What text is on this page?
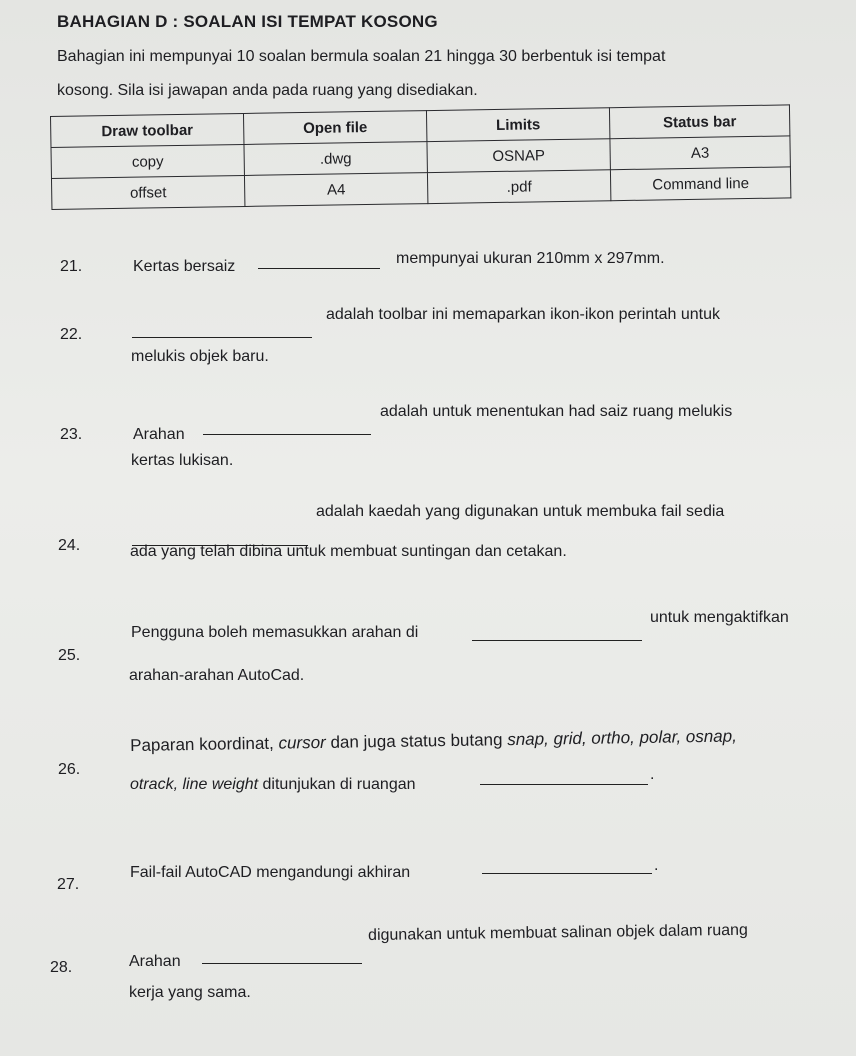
BAHAGIAN D : SOALAN ISI TEMPAT KOSONG
Bahagian ini mempunyai 10 soalan bermula soalan 21 hingga 30 berbentuk isi tempat
kosong. Sila isi jawapan anda pada ruang yang disediakan.
Draw toolbar	Open file	Limits	Status bar
copy	.dwg	OSNAP	A3
offset	A4	.pdf	Command line
21.	Kertas bersaiz	mempunyai ukuran 210mm x 297mm.
22.
adalah toolbar ini memaparkan ikon-ikon perintah untuk
melukis objek baru.
23.	Arahan
adalah untuk menentukan had saiz ruang melukis
kertas lukisan.
24.
adalah kaedah yang digunakan untuk membuka fail sedia
ada yang telah dibina untuk membuat suntingan dan cetakan.
25.
Pengguna boleh memasukkan arahan di
untuk mengaktifkan
arahan-arahan AutoCad.
26.
Paparan koordinat, cursor dan juga status butang snap, grid, ortho, polar, osnap,
otrack, line weight ditunjukan di ruangan
.
27.
Fail-fail AutoCAD mengandungi akhiran	.
28.	Arahan
digunakan untuk membuat salinan objek dalam ruang
kerja yang sama.
